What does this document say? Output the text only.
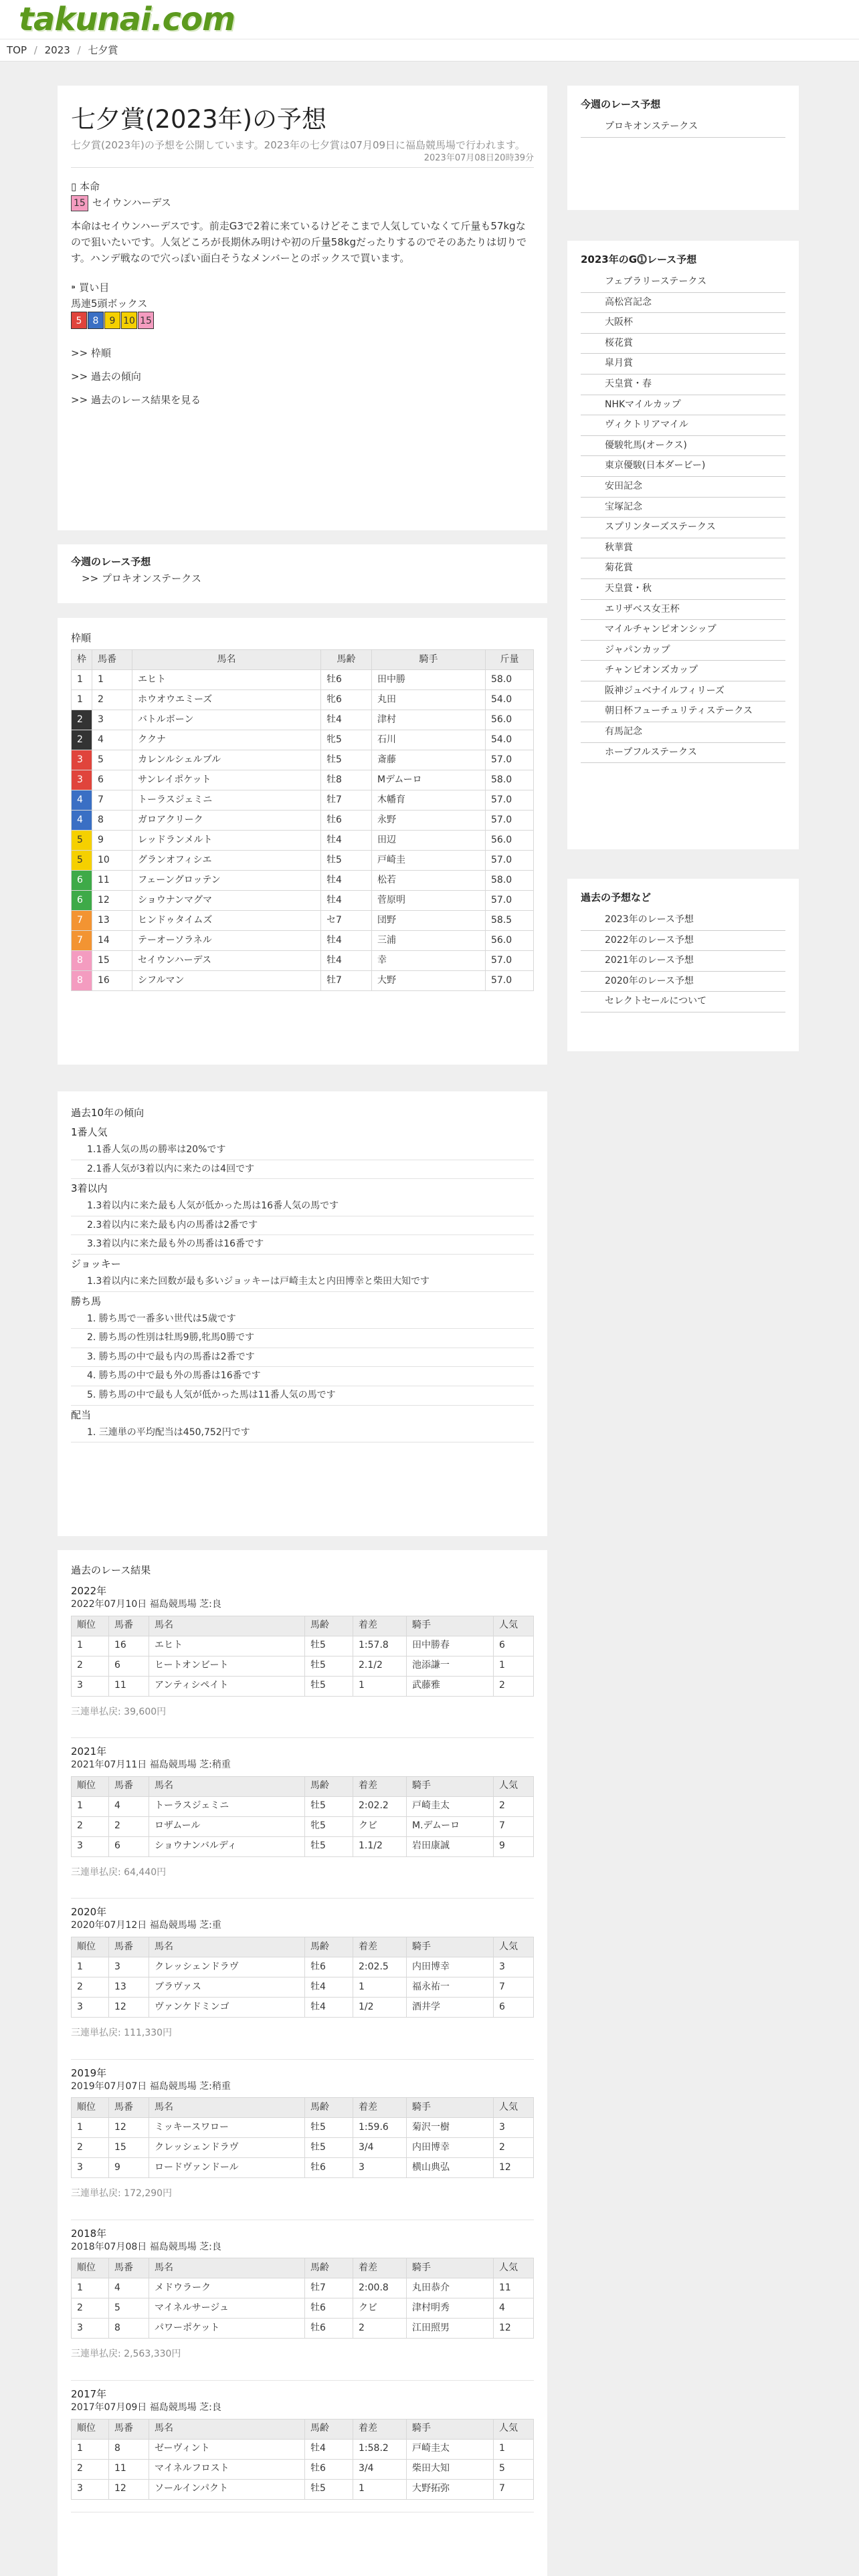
takunai.com
TOP / 2023 / 七夕賞
七夕賞(2023年)の予想
七夕賞(2023年)の予想を公開しています。2023年の七夕賞は07月09日に福島競馬場で行われます。
2023年07月08日20時39分
▯ 本命
15 セイウンハーデス
本命はセイウンハーデスです。前走G3で2着に来ているけどそこまで人気していなくて斤量も57kgなので狙いたいです。人気どころが長期休み明けや初の斤量58kgだったりするのでそのあたりは切りです。ハンデ戦なので穴っぽい面白そうなメンバーとのボックスで買います。
⁍ 買い目
馬連5頭ボックス
5 8 9 10 15
>> 枠順
>> 過去の傾向
>> 過去のレース結果を見る
今週のレース予想
>> プロキオンステークス
枠順
枠	馬番	馬名	馬齢	騎手	斤量
1	1	エヒト	牡6	田中勝	58.0
1	2	ホウオウエミーズ	牝6	丸田	54.0
2	3	バトルボーン	牡4	津村	56.0
2	4	ククナ	牝5	石川	54.0
3	5	カレンルシェルブル	牡5	斎藤	57.0
3	6	サンレイポケット	牡8	Mデムーロ	58.0
4	7	トーラスジェミニ	牡7	木幡育	57.0
4	8	ガロアクリーク	牡6	永野	57.0
5	9	レッドランメルト	牡4	田辺	56.0
5	10	グランオフィシエ	牡5	戸崎圭	57.0
6	11	フェーングロッテン	牡4	松若	58.0
6	12	ショウナンマグマ	牡4	菅原明	57.0
7	13	ヒンドゥタイムズ	セ7	団野	58.5
7	14	テーオーソラネル	牡4	三浦	56.0
8	15	セイウンハーデス	牡4	幸	57.0
8	16	シフルマン	牡7	大野	57.0
過去10年の傾向
1番人気
1.1番人気の馬の勝率は20%です
2.1番人気が3着以内に来たのは4回です
3着以内
1.3着以内に来た最も人気が低かった馬は16番人気の馬です
2.3着以内に来た最も内の馬番は2番です
3.3着以内に来た最も外の馬番は16番です
ジョッキー
1.3着以内に来た回数が最も多いジョッキーは戸崎圭太と内田博幸と柴田大知です
勝ち馬
1. 勝ち馬で一番多い世代は5歳です
2. 勝ち馬の性別は牡馬9勝,牝馬0勝です
3. 勝ち馬の中で最も内の馬番は2番です
4. 勝ち馬の中で最も外の馬番は16番です
5. 勝ち馬の中で最も人気が低かった馬は11番人気の馬です
配当
1. 三連単の平均配当は450,752円です
過去のレース結果
2022年
2022年07月10日 福島競馬場 芝:良
順位	馬番	馬名	馬齢	着差	騎手	人気
1	16	エヒト	牡5	1:57.8	田中勝春	6
2	6	ヒートオンビート	牡5	2.1/2	池添謙一	1
3	11	アンティシペイト	牡5	1	武藤雅	2
三連単払戻: 39,600円
2021年
2021年07月11日 福島競馬場 芝:稍重
順位	馬番	馬名	馬齢	着差	騎手	人気
1	4	トーラスジェミニ	牡5	2:02.2	戸崎圭太	2
2	2	ロザムール	牝5	クビ	M.デムーロ	7
3	6	ショウナンバルディ	牡5	1.1/2	岩田康誠	9
三連単払戻: 64,440円
2020年
2020年07月12日 福島競馬場 芝:重
順位	馬番	馬名	馬齢	着差	騎手	人気
1	3	クレッシェンドラヴ	牡6	2:02.5	内田博幸	3
2	13	ブラヴァス	牡4	1	福永祐一	7
3	12	ヴァンケドミンゴ	牡4	1/2	酒井学	6
三連単払戻: 111,330円
2019年
2019年07月07日 福島競馬場 芝:稍重
順位	馬番	馬名	馬齢	着差	騎手	人気
1	12	ミッキースワロー	牡5	1:59.6	菊沢一樹	3
2	15	クレッシェンドラヴ	牡5	3/4	内田博幸	2
3	9	ロードヴァンドール	牡6	3	横山典弘	12
三連単払戻: 172,290円
2018年
2018年07月08日 福島競馬場 芝:良
順位	馬番	馬名	馬齢	着差	騎手	人気
1	4	メドウラーク	牡7	2:00.8	丸田恭介	11
2	5	マイネルサージュ	牡6	クビ	津村明秀	4
3	8	パワーポケット	牡6	2	江田照男	12
三連単払戻: 2,563,330円
2017年
2017年07月09日 福島競馬場 芝:良
順位	馬番	馬名	馬齢	着差	騎手	人気
1	8	ゼーヴィント	牡4	1:58.2	戸崎圭太	1
2	11	マイネルフロスト	牡6	3/4	柴田大知	5
3	12	ソールインパクト	牡5	1	大野拓弥	7
今週のレース予想
プロキオンステークス
2023年のG⓵レース予想
フェブラリーステークス
高松宮記念
大阪杯
桜花賞
皐月賞
天皇賞・春
NHKマイルカップ
ヴィクトリアマイル
優駿牝馬(オークス)
東京優駿(日本ダービー)
安田記念
宝塚記念
スプリンターズステークス
秋華賞
菊花賞
天皇賞・秋
エリザベス女王杯
マイルチャンピオンシップ
ジャパンカップ
チャンピオンズカップ
阪神ジュベナイルフィリーズ
朝日杯フューチュリティステークス
有馬記念
ホープフルステークス
過去の予想など
2023年のレース予想
2022年のレース予想
2021年のレース予想
2020年のレース予想
セレクトセールについて
